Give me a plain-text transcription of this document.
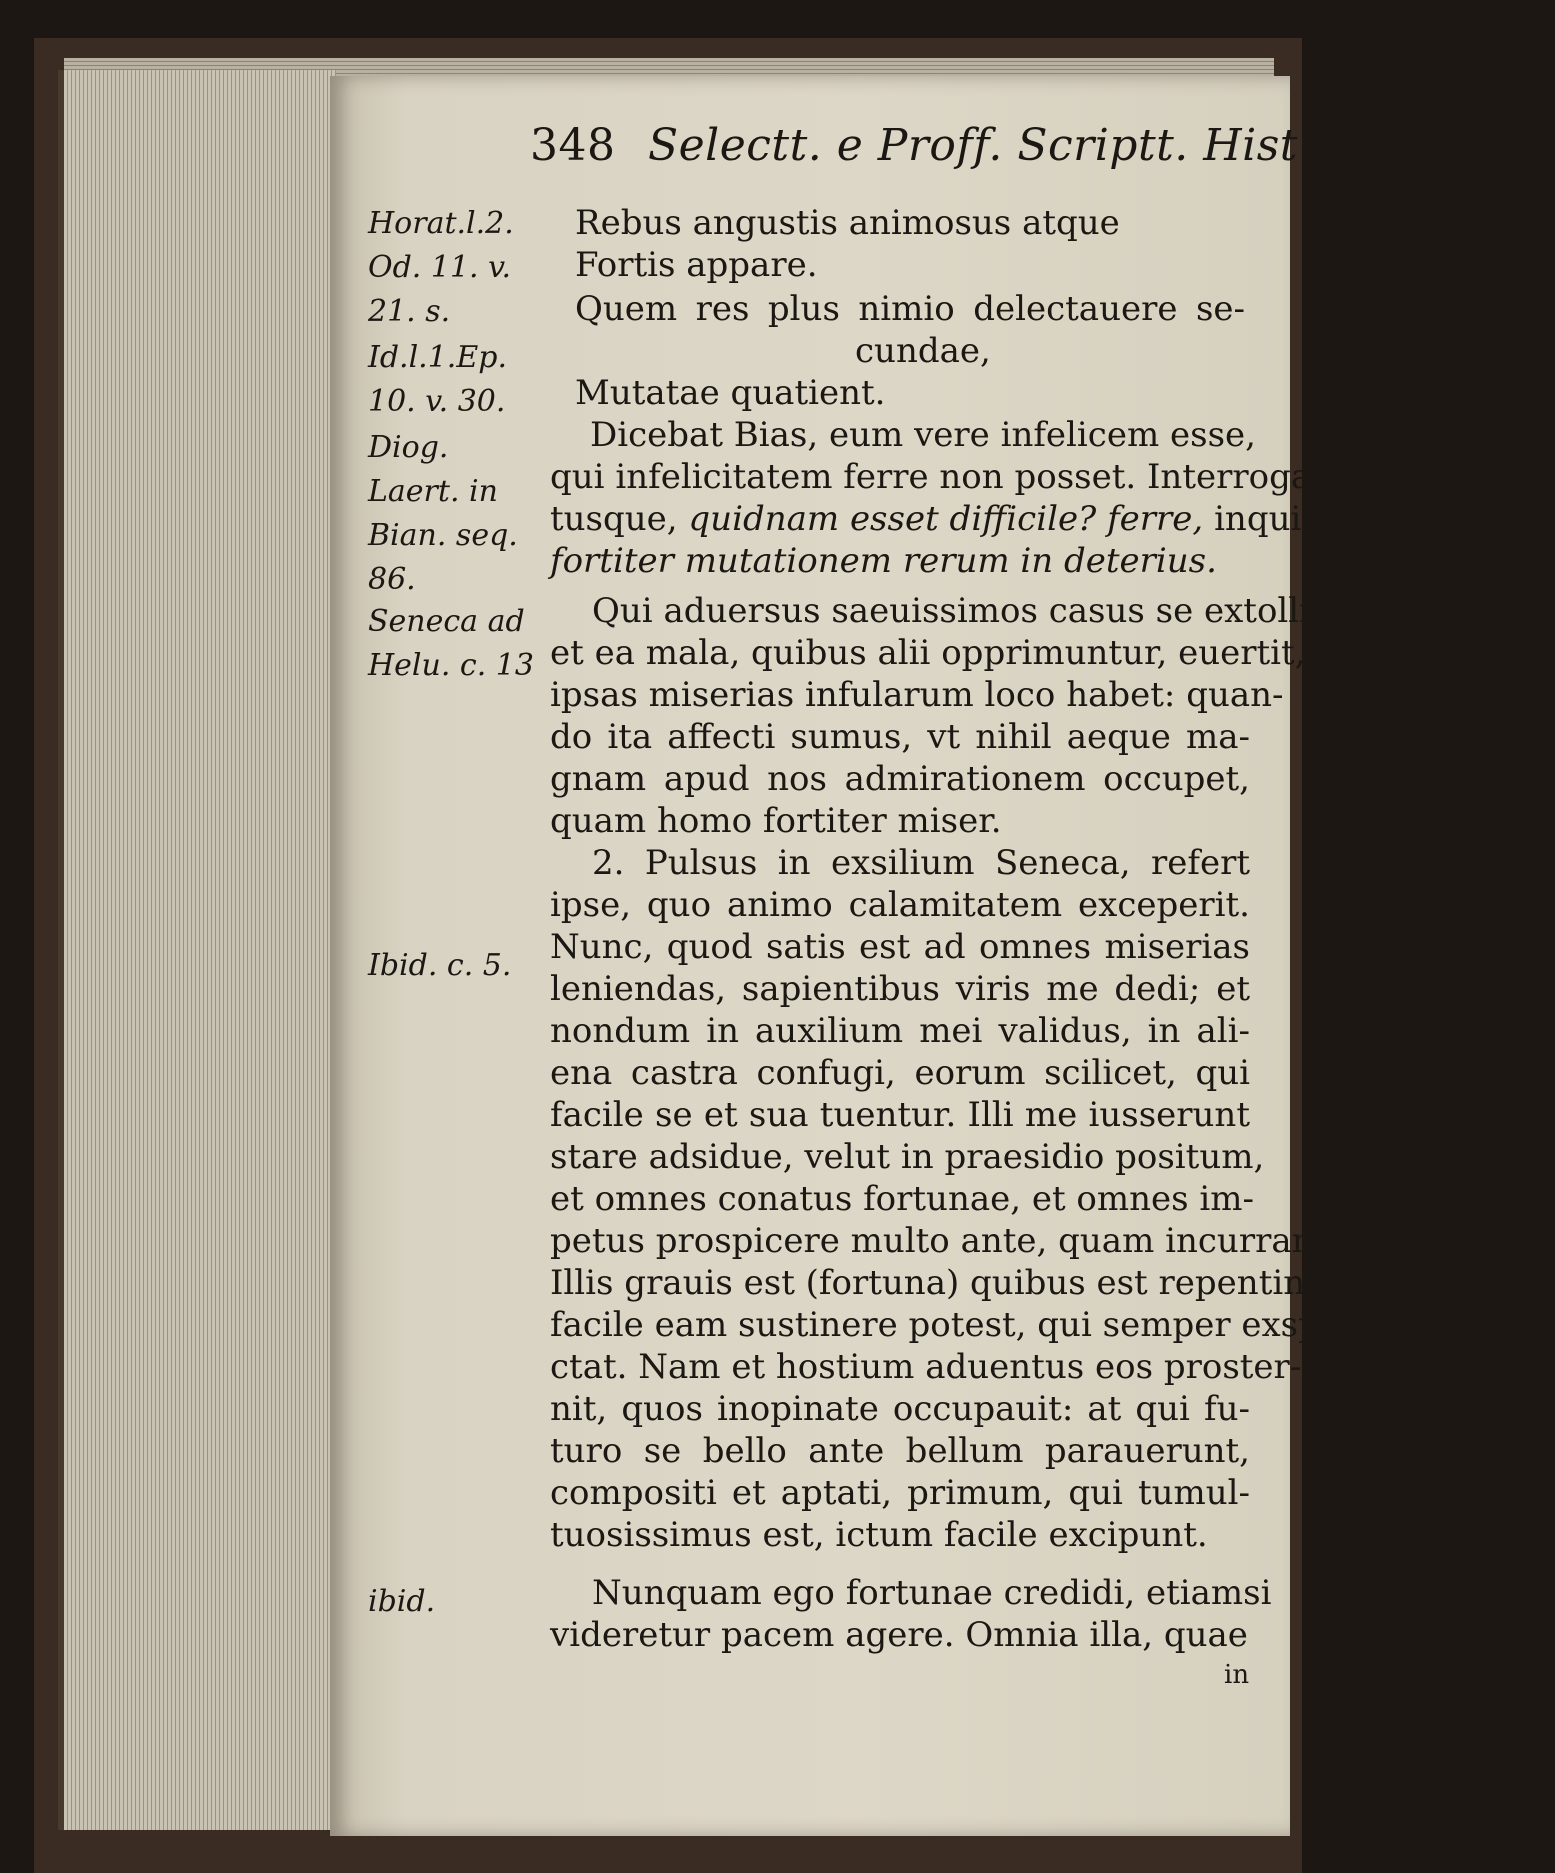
348 Selectt. e Proff. Scriptt. Hist.
Horat.l.2. Od. 11. v. 21. s.
Id.l.1.Ep. 10. v. 30.
Diog. Laert. in Bian. seq. 86.
Seneca ad Helu. c. 13
Ibid. c. 5.
ibid.
Rebus angustis animosus atque
Fortis appare.
Quem res plus nimio delectauere se-
cundae,
Mutatae quatient.
Dicebat Bias, eum vere infelicem esse,
qui infelicitatem ferre non posset. Interroga-
tusque, quidnam esset difficile? ferre, inquit,
fortiter mutationem rerum in deterius.
Qui aduersus saeuissimos casus se extollit,
et ea mala, quibus alii opprimuntur, euertit,
ipsas miserias infularum loco habet: quan-
do ita affecti sumus, vt nihil aeque ma-
gnam apud nos admirationem occupet,
quam homo fortiter miser.
2. Pulsus in exsilium Seneca, refert
ipse, quo animo calamitatem exceperit.
Nunc, quod satis est ad omnes miserias
leniendas, sapientibus viris me dedi; et
nondum in auxilium mei validus, in ali-
ena castra confugi, eorum scilicet, qui
facile se et sua tuentur. Illi me iusserunt
stare adsidue, velut in praesidio positum,
et omnes conatus fortunae, et omnes im-
petus prospicere multo ante, quam incurrant.
Illis grauis est (fortuna) quibus est repentina:
facile eam sustinere potest, qui semper exspe-
ctat. Nam et hostium aduentus eos proster-
nit, quos inopinate occupauit: at qui fu-
turo se bello ante bellum parauerunt,
compositi et aptati, primum, qui tumul-
tuosissimus est, ictum facile excipunt.
Nunquam ego fortunae credidi, etiamsi
videretur pacem agere. Omnia illa, quae
in
